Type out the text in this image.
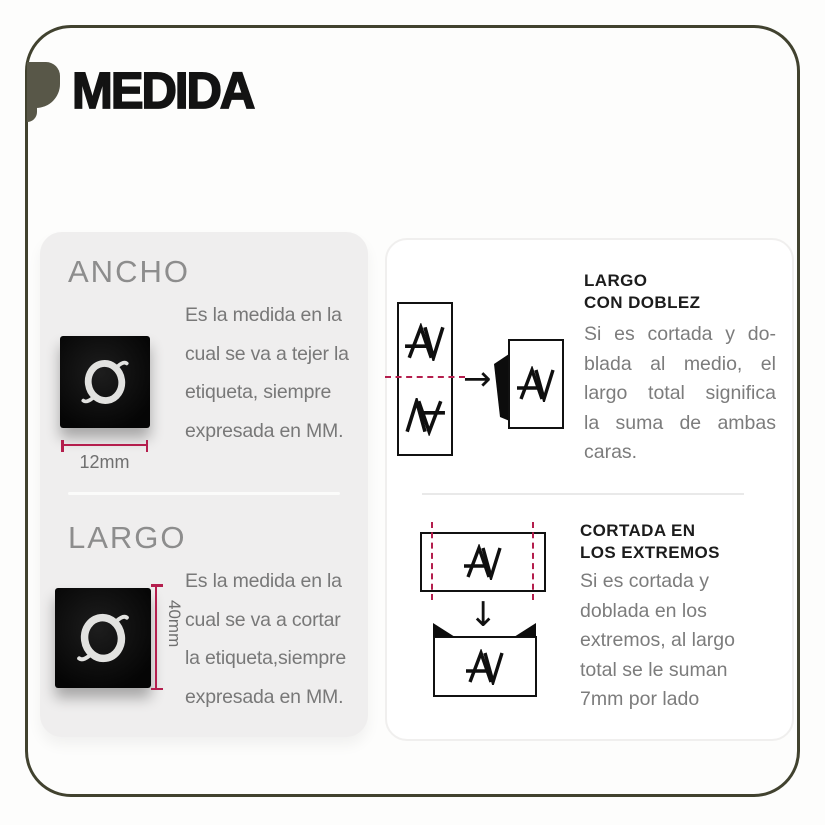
MEDIDA
ANCHO
12mm
Es la medida en la
cual se va a tejer la
etiqueta, siempre
expresada en MM.
LARGO
40mm
Es la medida en la
cual se va a cortar
la etiqueta,siempre
expresada en MM.
→
LARGO
CON DOBLEZ
Si es cortada y do-
blada al medio, el
largo total significa
la suma de ambas
caras.
↓
CORTADA EN
LOS EXTREMOS
Si es cortada y
doblada en los
extremos, al largo
total se le suman
7mm por lado
